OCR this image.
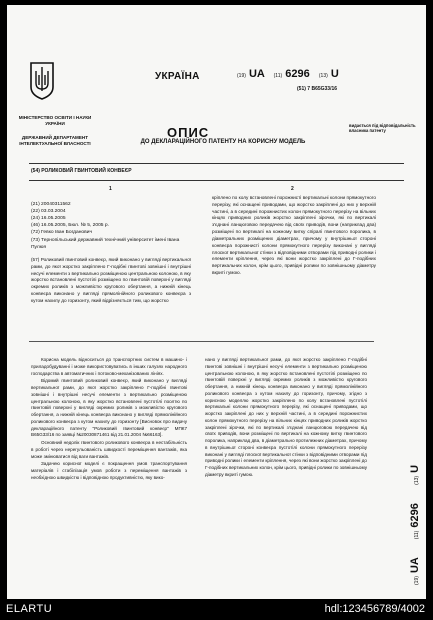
МІНІСТЕРСТВО ОСВІТИ І НАУКИ УКРАЇНИ
ДЕРЖАВНИЙ ДЕПАРТАМЕНТ ІНТЕЛЕКТУАЛЬНОЇ ВЛАСНОСТІ
УКРАЇНА	(19) UA (11) 6296 (13) U
(51) 7 B65G33/16
ОПИС
ДО ДЕКЛАРАЦІЙНОГО ПАТЕНТУ НА КОРИСНУ МОДЕЛЬ
видається під відповідальність власника патенту
(54) РОЛИКОВИЙ ГВИНТОВИЙ КОНВЕЄР
1	2
(21) 20040311562
(22) 03.03.2004
(24) 16.05.2005
(46) 16.05.2005, Бюл. № 5, 2005 р.
(72) Гевко Іван Богданович
(73) Тернопільський державний технічний університет імені Івана Пулюя
(57) Роликовий гвинтовий конвеєр, який виконано у вигляді вертикальної рами, до якої жорстко закріплено Г-подібні гвинтові зовнішні і внутрішні несучі елементи з вертикально розміщеною центральною колоною, в яку жорстко встановлені пустотілі розміщено по гвинтовій поверхні у вигляді окремих роликів з можливістю кругового обертання, а нижній кінець конвеєра виконано у вигляді прямолінійного роликового конвеєра з кутом нахилу до горизонту, який відрізняється тим, що жорстко
кріплено по колу встановлені порожнисті вертикальні колони прямокутного перерізу, які оснащені приводами, що жорстко закріплені до них у верхній частині, а в середині порожнистих колон прямокутного перерізу на вільних кінцях приводних роликів жорстко закріплені зірочки, які по вертикалі з'єднані ланцюговою передачею від своїх приводів, вони (наприклад два) розміщені по вертикалі на кожному витку спіралі гвинтового поролика, в діаметральних розміщених діаметрах, причому у внутрішньої стороні конвеєра порожнисті колони прямокутного перерізу виконані у вигляді плоскої вертикальної стінки з відповідними отворами під приводні ролики і елементи кріплення, через які вони жорстко закріплені до Г-подібних вертикальних колон, крім цього, привідні ролики по зовнішньому діаметру вкриті гумою.

Корисна модель відноситься до транспортних систем в машино- і приладобудуванні і може використовуватись в інших галузях народного господарства в автоматичних і потоково-механізованих лініях.

Відомий гвинтовий роликовий конвеєр, який виконано у вигляді вертикальної рами, до якої жорстко закріплено Г-подібні гвинтові зовнішні і внутрішні несучі елементи з вертикально розміщеною центральною колоною, в яку жорстко встановлені пустотілі поолтю по гвинтовій поверхні у вигляді окремих роликів з можливістю кругового обертання, а нижній кінець конвеєра виконано у вигляді прямолінійного роликового конвеєра з кутом нахилу до горизонту [Висновок про видачу деклараційного патенту "Роликовий гвинтовий конвеєр" МПК7 B65G33/16 по заявці №20030871461 від 21.01.2004 №66163].

Основний недолік гвинтового роликового конвеєра в нестабільність в роботі через нерегульованість швидкості переміщення вантажів, яка може змінюватися від ваги вантажів.

Задачею корисної моделі є покращення умов транспортування матеріалів і стабілізація умов роботи з переміщення вантажів з необхідною швидкістю і відповідною продуктивністю, яку вико-

нано у вигляді вертикальної рами, до якої жорстко закріплено Г-подібні гвинтові зовнішні і внутрішні несучі елементи з вертикально розміщеною центральною колоною, в яку жорстко встановлені пустотілі розміщено по гвинтовій поверхні у вигляді окремих роликів з можливістю кругового обертання, а нижній кінець конвеєра виконано у вигляді прямолінійного роликового конвеєра з кутом нахилу до горизонту, причому, згідно з корисною моделлю жорстко закріплено по колу встановлені пустотілі вертикальні колони прямокутного перерізу, які оснащені приводами, що жорстко закріплені до них у верхній частині, а в середині порожнистих колон прямокутного перерізу на вільних кінцях приводних роликів жорстко закріплені зірочки, які по вертикалі з'єднані ланцюговою передачею від своїх приводів, вони розміщені по вертикалі на кожному витку гвинтового поролика, наприклад два, в діаметрально протилежних діаметрах, причому в внутрішньої стороні конвеєра пустотілі колони прямокутного перерізу виконані у вигляді плоскої вертикальної стінки з відповідними отворами під приводні ролики і елементи кріплення, через які вони жорстко закріплені до Г-подібних вертикальних колон, крім цього, привідні ролики по зовнішньому діаметру вкриті гумою.

(19) UA      (11) 6296      (13) U
ELARTU	hdl:123456789/4002
